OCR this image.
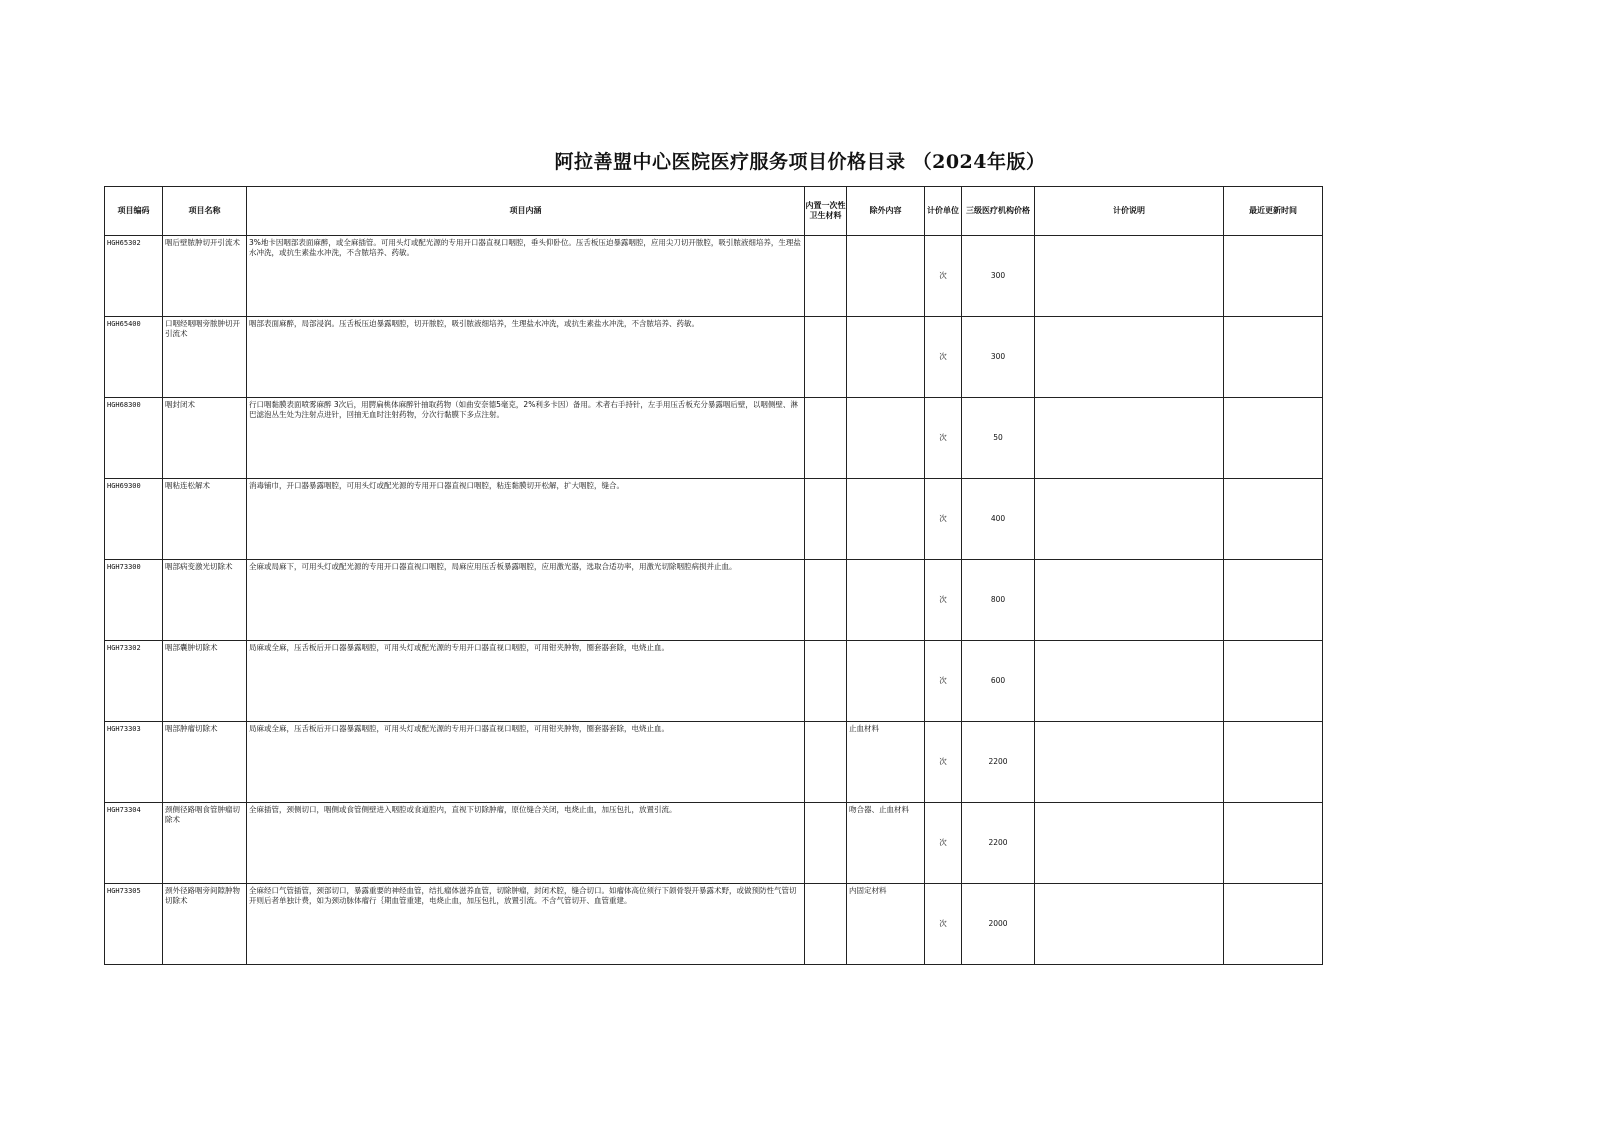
阿拉善盟中心医院医疗服务项目价格目录 （2024年版）
项目编码	项目名称	项目内涵	内置一次性卫生材料	除外内容	计价单位	三级医疗机构价格	计价说明	最近更新时间
HGH65302	咽后壁脓肿切开引流术	3%地卡因咽部表面麻醉，或全麻插管。可用头灯或配光源的专用开口器直视口咽腔，垂头仰卧位。压舌板压迫暴露咽腔，应用尖刀切开脓腔，吸引脓液细培养，生理盐水冲洗，或抗生素盐水冲洗，不含脓培养、药敏。			次	300		
HGH65400	口咽经咽咽旁脓肿切开引流术	咽部表面麻醉，局部浸润。压舌板压迫暴露咽腔，切开脓腔，吸引脓液细培养，生理盐水冲洗，或抗生素盐水冲洗，不含脓培养、药敏。			次	300		
HGH68300	咽封闭术	行口咽黏膜表面喷雾麻醉 3次后，用腭扁桃体麻醉针抽取药物（如曲安奈德5毫克，2%利多卡因）备用。术者右手持针，左手用压舌板充分暴露咽后壁，以咽侧壁、淋巴滤泡丛生处为注射点进针，回抽无血时注射药物，分次行黏膜下多点注射。			次	50		
HGH69300	咽粘连松解术	消毒铺巾，开口器暴露咽腔，可用头灯或配光源的专用开口器直视口咽腔，粘连黏膜切开松解，扩大咽腔，缝合。			次	400		
HGH73300	咽部病变激光切除术	全麻或局麻下，可用头灯或配光源的专用开口器直视口咽腔，局麻应用压舌板暴露咽腔，应用激光器，选取合适功率，用激光切除咽腔病损并止血。			次	800		
HGH73302	咽部囊肿切除术	局麻或全麻，压舌板后开口器暴露咽腔，可用头灯或配光源的专用开口器直视口咽腔，可用钳夹肿物，圈套器套除，电烧止血。			次	600		
HGH73303	咽部肿瘤切除术	局麻或全麻，压舌板后开口器暴露咽腔，可用头灯或配光源的专用开口器直视口咽腔，可用钳夹肿物，圈套器套除，电烧止血。		止血材料	次	2200		
HGH73304	颈侧径路咽食管肿瘤切除术	全麻插管，颈侧切口，咽侧或食管侧壁进入咽腔或食道腔内，直视下切除肿瘤，原位缝合关闭，电烧止血，加压包扎，放置引流。		吻合器、止血材料	次	2200		
HGH73305	颈外径路咽旁间隙肿物切除术	全麻经口气管插管，颈部切口，暴露重要的神经血管，结扎瘤体滋养血管，切除肿瘤，封闭术腔，缝合切口。如瘤体高位须行下颌骨裂开暴露术野，或做预防性气管切开则后者单独计费，如为颈动脉体瘤行｛期血管重建，电烧止血，加压包扎，放置引流。不含气管切开、血管重建。		内固定材料	次	2000		
